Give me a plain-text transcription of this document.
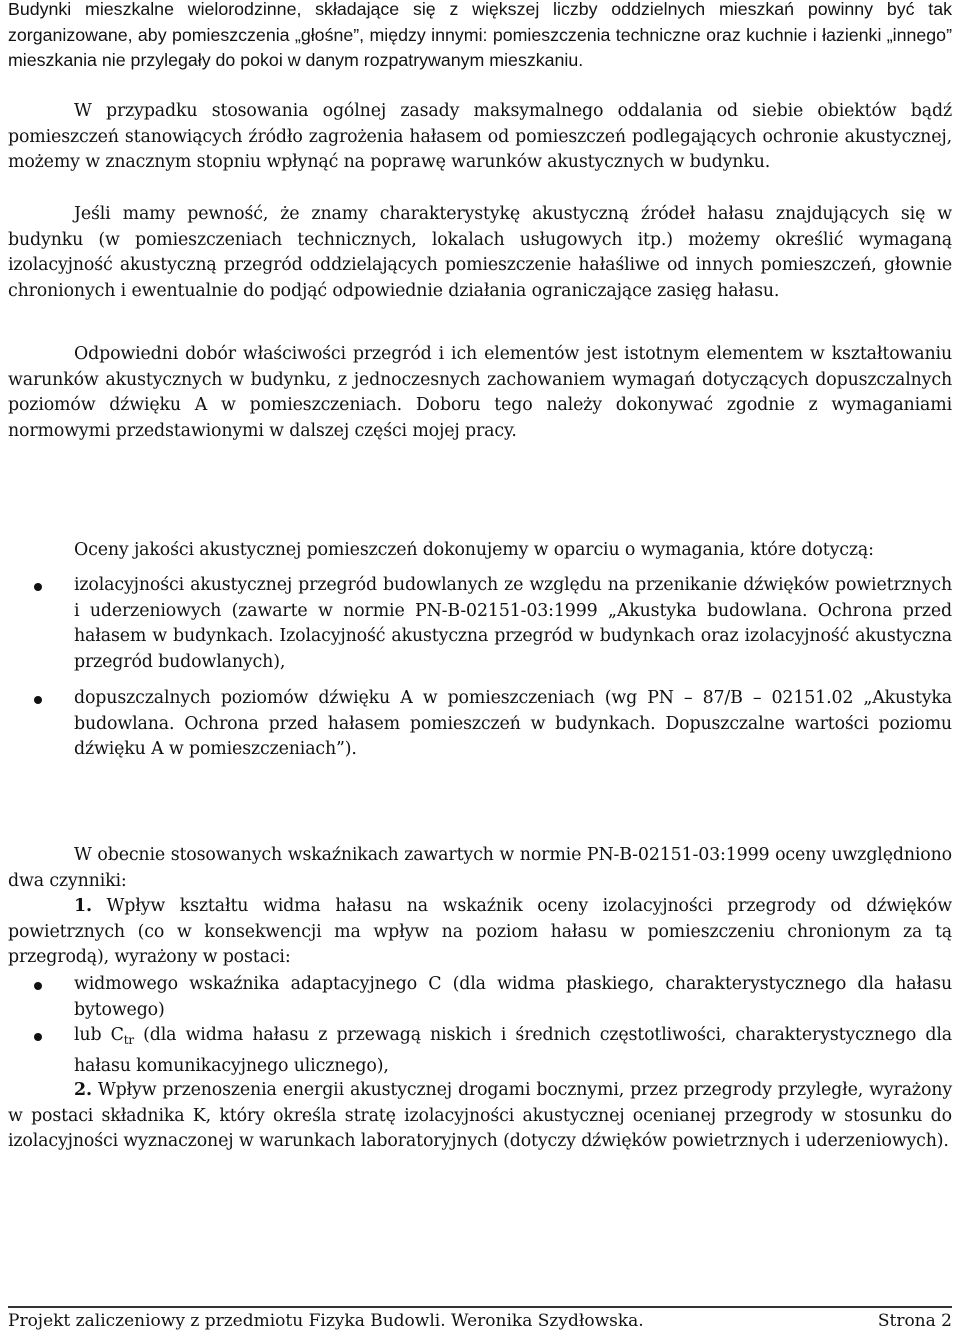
Budynki mieszkalne wielorodzinne, składające się z większej liczby oddzielnych mieszkań powinny być tak zorganizowane, aby pomieszczenia „głośne”, między innymi: pomieszczenia techniczne oraz kuchnie i łazienki „innego” mieszkania nie przylegały do pokoi w danym rozpatrywanym mieszkaniu.

W przypadku stosowania ogólnej zasady maksymalnego oddalania od siebie obiektów bądź pomieszczeń stanowiących źródło zagrożenia hałasem od pomieszczeń podlegających ochronie akustycznej, możemy w znacznym stopniu wpłynąć na poprawę warunków akustycznych w budynku.

Jeśli mamy pewność, że znamy charakterystykę akustyczną źródeł hałasu znajdujących się w budynku (w pomieszczeniach technicznych, lokalach usługowych itp.) możemy określić wymaganą izolacyjność akustyczną przegród oddzielających pomieszczenie hałaśliwe od innych pomieszczeń, głownie chronionych i ewentualnie do podjąć odpowiednie działania ograniczające zasięg hałasu.

Odpowiedni dobór właściwości przegród i ich elementów jest istotnym elementem w kształtowaniu warunków akustycznych w budynku, z jednoczesnych zachowaniem wymagań dotyczących dopuszczalnych poziomów dźwięku A w pomieszczeniach. Doboru tego należy dokonywać zgodnie z wymaganiami normowymi przedstawionymi w dalszej części mojej pracy.

Oceny jakości akustycznej pomieszczeń dokonujemy w oparciu o wymagania, które dotyczą:

izolacyjności akustycznej przegród budowlanych ze względu na przenikanie dźwięków powietrznych i uderzeniowych (zawarte w normie PN-B-02151-03:1999 „Akustyka budowlana. Ochrona przed hałasem w budynkach. Izolacyjność akustyczna przegród w budynkach oraz izolacyjność akustyczna przegród budowlanych),
dopuszczalnych poziomów dźwięku A w pomieszczeniach (wg PN – 87/B – 02151.02 „Akustyka budowlana. Ochrona przed hałasem pomieszczeń w budynkach. Dopuszczalne wartości poziomu dźwięku A w pomieszczeniach”).

W obecnie stosowanych wskaźnikach zawartych w normie PN-B-02151-03:1999 oceny uwzględniono dwa czynniki:

1. Wpływ kształtu widma hałasu na wskaźnik oceny izolacyjności przegrody od dźwięków powietrznych (co w konsekwencji ma wpływ na poziom hałasu w pomieszczeniu chronionym za tą przegrodą), wyrażony w postaci:

widmowego wskaźnika adaptacyjnego C (dla widma płaskiego, charakterystycznego dla hałasu bytowego)
lub $C_{tr}$ (dla widma hałasu z przewagą niskich i średnich częstotliwości, charakterystycznego dla hałasu komunikacyjnego ulicznego),

2. Wpływ przenoszenia energii akustycznej drogami bocznymi, przez przegrody przyległe, wyrażony w postaci składnika K, który określa stratę izolacyjności akustycznej ocenianej przegrody w stosunku do izolacyjności wyznaczonej w warunkach laboratoryjnych (dotyczy dźwięków powietrznych i uderzeniowych).

Projekt zaliczeniowy z przedmiotu Fizyka Budowli. Weronika Szydłowska.	Strona 2
